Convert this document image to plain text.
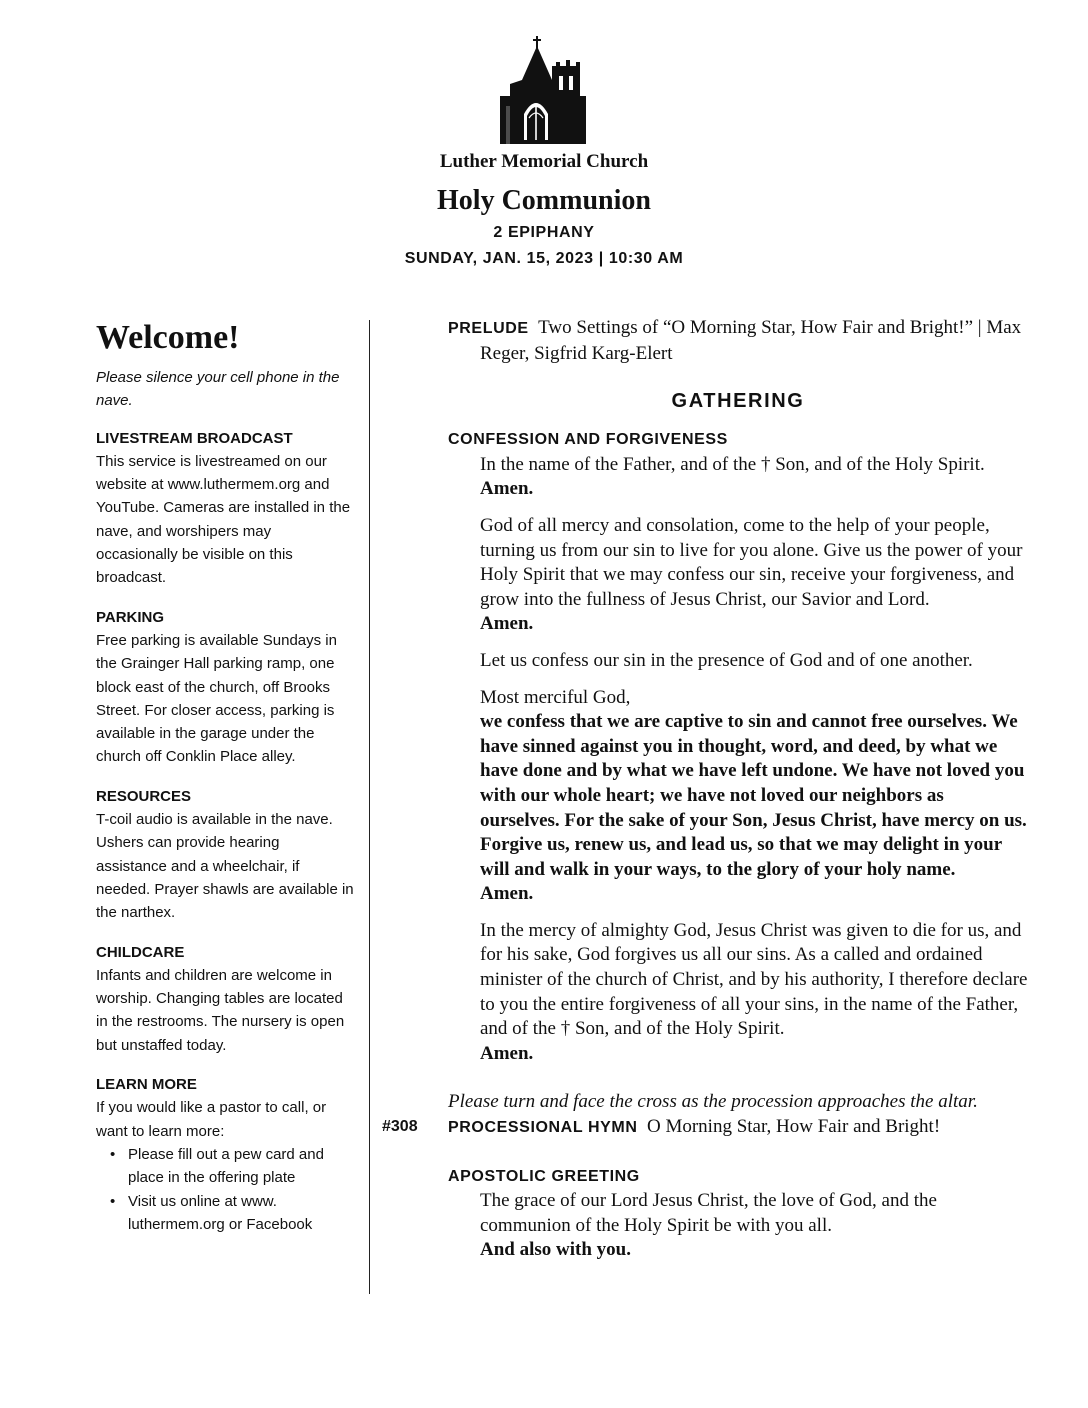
Luther Memorial Church
Holy Communion
2 EPIPHANY
SUNDAY, JAN. 15, 2023 | 10:30 AM
Welcome!

Please silence your cell phone in the nave.

LIVESTREAM BROADCAST

This service is livestreamed on our website at www.luthermem.org and YouTube. Cameras are installed in the nave, and worshipers may occasionally be visible on this broadcast.

PARKING

Free parking is available Sundays in the Grainger Hall parking ramp, one block east of the church, off Brooks Street. For closer access, parking is available in the garage under the church off Conklin Place alley.

RESOURCES

T-coil audio is available in the nave. Ushers can provide hearing assistance and a wheelchair, if needed. Prayer shawls are available in the narthex.

CHILDCARE

Infants and children are welcome in worship. Changing tables are located in the restrooms. The nursery is open but unstaffed today.

LEARN MORE

If you would like a pastor to call, or want to learn more:

• Please fill out a pew card and place in the offering plate
• Visit us online at www. luthermem.org or Facebook

PRELUDE Two Settings of “O Morning Star, How Fair and Bright!” | Max Reger, Sigfrid Karg-Elert

GATHERING

CONFESSION AND FORGIVENESS

In the name of the Father, and of the † Son, and of the Holy Spirit.

Amen.

God of all mercy and consolation, come to the help of your people, turning us from our sin to live for you alone. Give us the power of your Holy Spirit that we may confess our sin, receive your forgiveness, and grow into the fullness of Jesus Christ, our Savior and Lord.

Amen.

Let us confess our sin in the presence of God and of one another.

Most merciful God,

we confess that we are captive to sin and cannot free ourselves. We have sinned against you in thought, word, and deed, by what we have done and by what we have left undone. We have not loved you with our whole heart; we have not loved our neighbors as ourselves. For the sake of your Son, Jesus Christ, have mercy on us. Forgive us, renew us, and lead us, so that we may delight in your will and walk in your ways, to the glory of your holy name.

Amen.

In the mercy of almighty God, Jesus Christ was given to die for us, and for his sake, God forgives us all our sins. As a called and ordained minister of the church of Christ, and by his authority, I therefore declare to you the entire forgiveness of all your sins, in the name of the Father, and of the † Son, and of the Holy Spirit.

Amen.

Please turn and face the cross as the procession approaches the altar.

#308 PROCESSIONAL HYMN O Morning Star, How Fair and Bright!

APOSTOLIC GREETING

The grace of our Lord Jesus Christ, the love of God, and the communion of the Holy Spirit be with you all.

And also with you.
